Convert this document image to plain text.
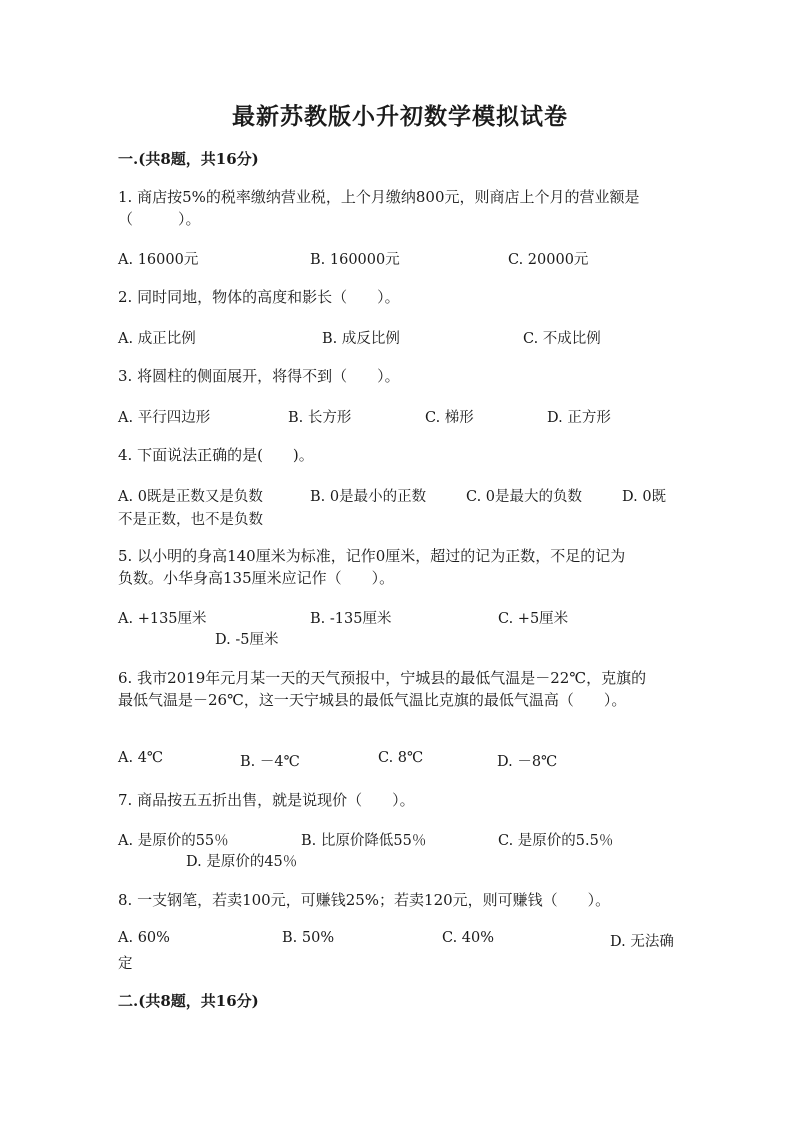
最新苏教版小升初数学模拟试卷
一.(共8题，共16分)
1. 商店按5%的税率缴纳营业税，上个月缴纳800元，则商店上个月的营业额是
（　　　）。
A. 16000元	B. 160000元	C. 20000元
2. 同时同地，物体的高度和影长（　　）。
A. 成正比例	B. 成反比例	C. 不成比例
3. 将圆柱的侧面展开，将得不到（　　）。
A. 平行四边形	B. 长方形	C. 梯形	D. 正方形
4. 下面说法正确的是(　　)。
A. 0既是正数又是负数	B. 0是最小的正数	C. 0是最大的负数	D. 0既
不是正数，也不是负数
5. 以小明的身高140厘米为标准，记作0厘米，超过的记为正数，不足的记为
负数。小华身高135厘米应记作（　　）。
A. +135厘米	B. -135厘米	C. +5厘米
D. -5厘米
6. 我市2019年元月某一天的天气预报中，宁城县的最低气温是－22℃，克旗的
最低气温是－26℃，这一天宁城县的最低气温比克旗的最低气温高（　　）。
A. 4℃	B. －4℃	C. 8℃	D. －8℃
7. 商品按五五折出售，就是说现价（　　）。
A. 是原价的55％	B. 比原价降低55％	C. 是原价的5.5％
D. 是原价的45％
8. 一支钢笔，若卖100元，可赚钱25%；若卖120元，则可赚钱（　　）。
A. 60%	B. 50%	C. 40%	D. 无法确
定
二.(共8题，共16分)
